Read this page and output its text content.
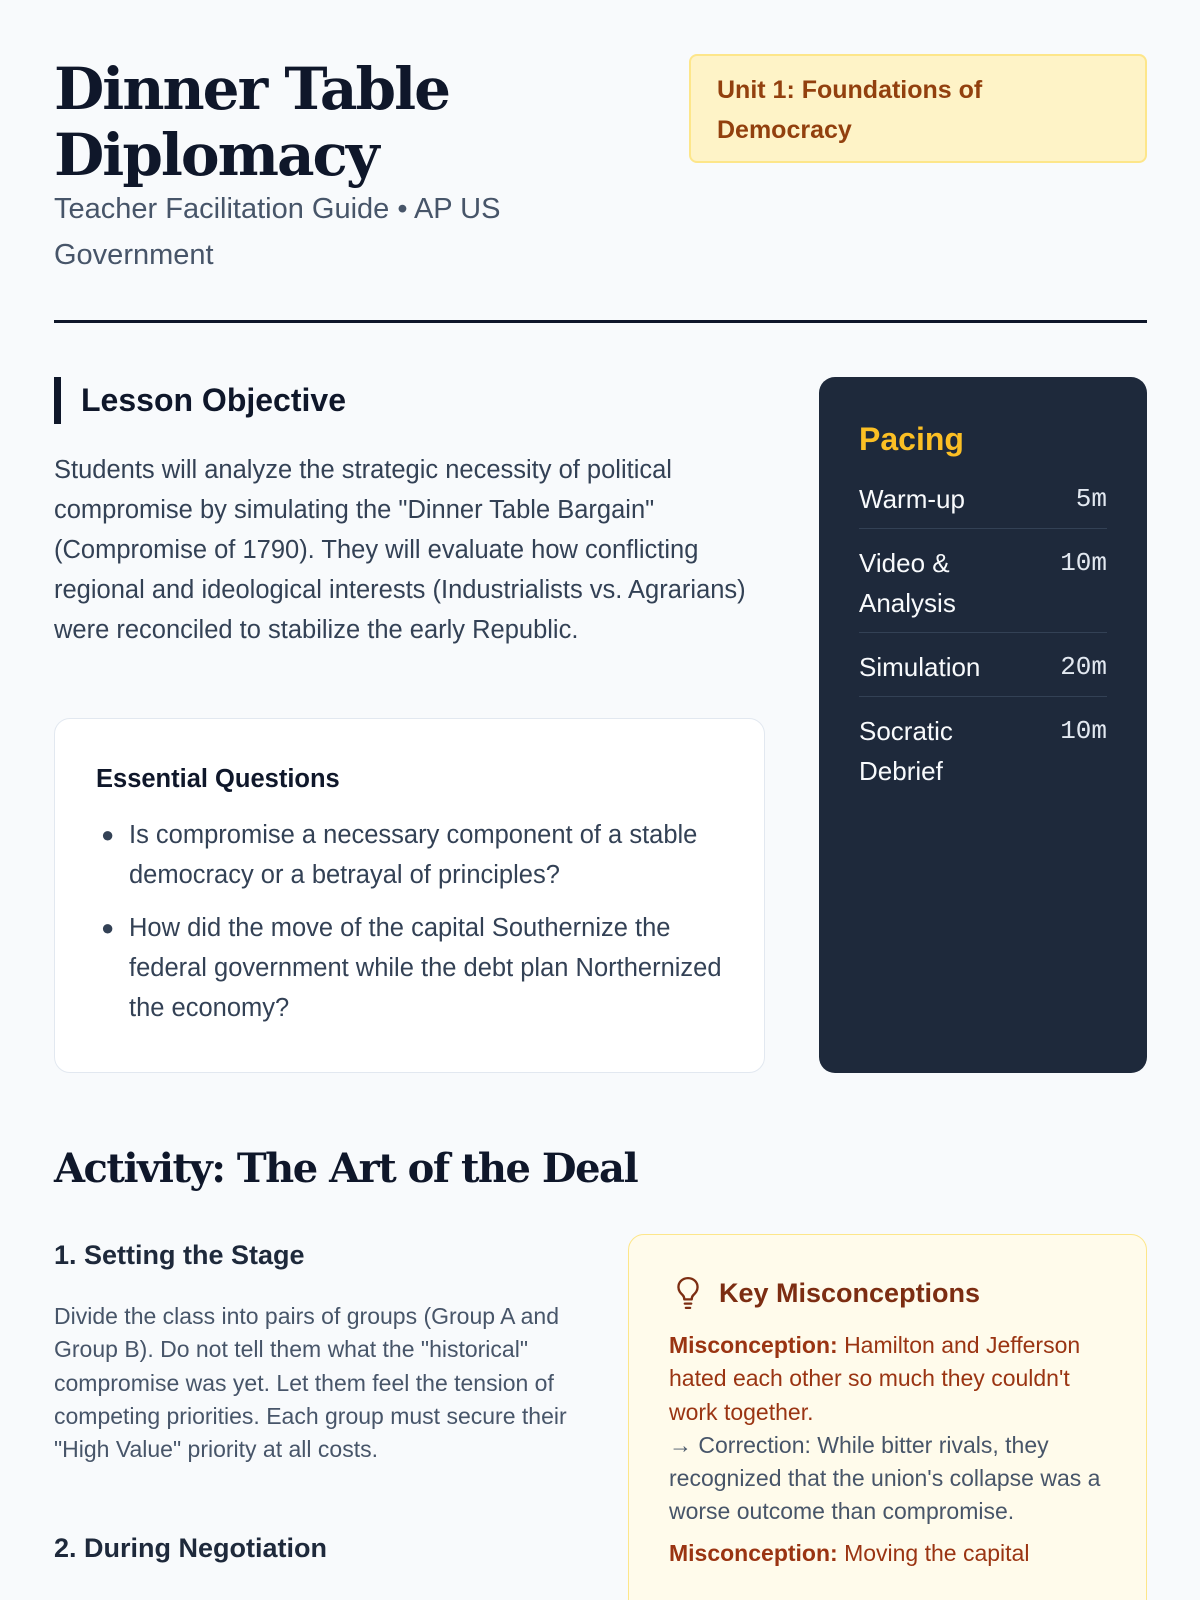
Dinner Table Diplomacy
Teacher Facilitation Guide • AP US Government
Unit 1: Foundations of Democracy
Lesson Objective

Students will analyze the strategic necessity of political compromise by simulating the "Dinner Table Bargain" (Compromise of 1790). They will evaluate how conflicting regional and ideological interests (Industrialists vs. Agrarians) were reconciled to stabilize the early Republic.

Essential Questions
● Is compromise a necessary component of a stable democracy or a betrayal of principles?
● How did the move of the capital Southernize the federal government while the debt plan Northernized the economy?
Pacing
Warm-up	5m
Video & Analysis
10m
Simulation	20m
Socratic Debrief
10m
Activity: The Art of the Deal
1. Setting the Stage

Divide the class into pairs of groups (Group A and Group B). Do not tell them what the "historical" compromise was yet. Let them feel the tension of competing priorities. Each group must secure their "High Value" priority at all costs.

2. During Negotiation
Key Misconceptions
Misconception: Hamilton and Jefferson hated each other so much they couldn't work together.
→ Correction: While bitter rivals, they recognized that the union's collapse was a worse outcome than compromise.
Misconception: Moving the capital
